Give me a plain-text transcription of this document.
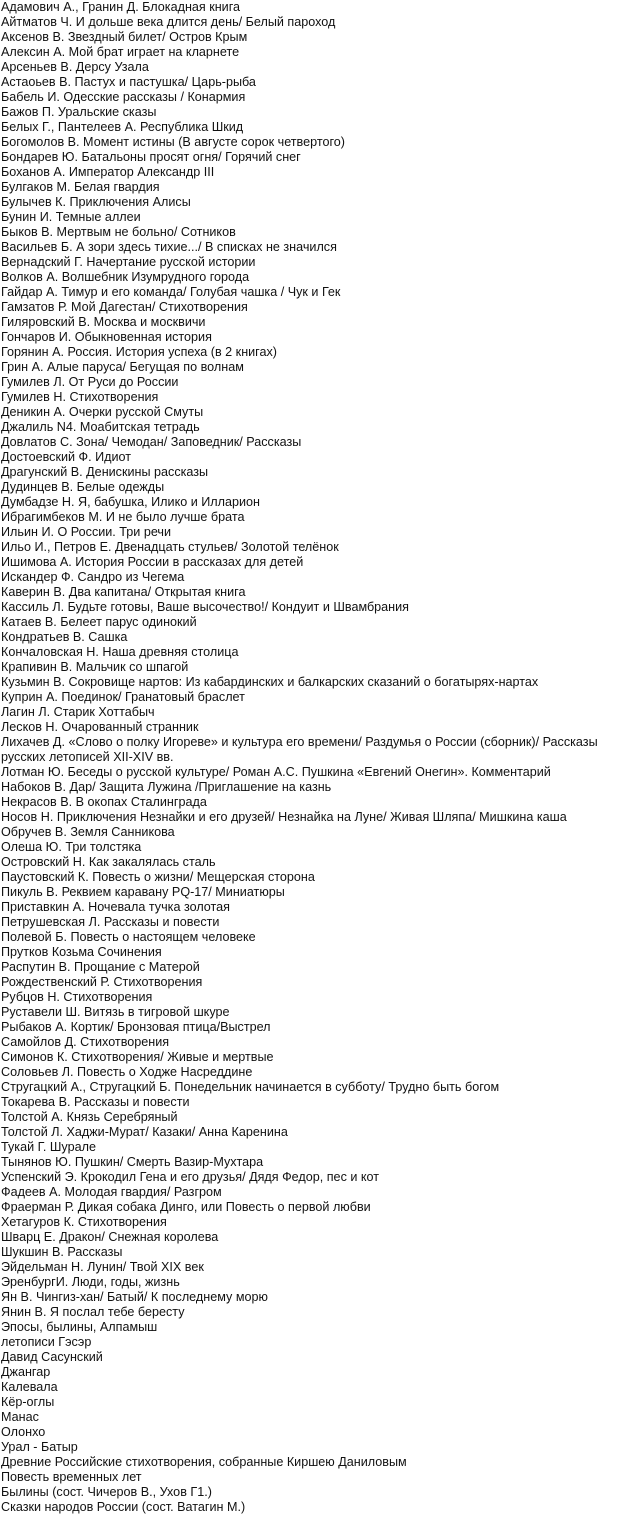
Адамович А., Гранин Д. Блокадная книга
Айтматов Ч. И дольше века длится день/ Белый пароход
Аксенов В. Звездный билет/ Остров Крым
Алексин А. Мой брат играет на кларнете
Арсеньев В. Дерсу Узала
Астаоьев В. Пастух и пастушка/ Царь-рыба
Бабель И. Одесские рассказы / Конармия
Бажов П. Уральские сказы
Белых Г., Пантелеев А. Республика Шкид
Богомолов В. Момент истины (В августе сорок четвертого)
Бондарев Ю. Батальоны просят огня/ Горячий снег
Боханов А. Император Александр III
Булгаков М. Белая гвардия
Булычев К. Приключения Алисы
Бунин И. Темные аллеи
Быков В. Мертвым не больно/ Сотников
Васильев Б. А зори здесь тихие.../ В списках не значился
Вернадский Г. Начертание русской истории
Волков А. Волшебник Изумрудного города
Гайдар А. Тимур и его команда/ Голубая чашка / Чук и Гек
Гамзатов Р. Мой Дагестан/ Стихотворения
Гиляровский В. Москва и москвичи
Гончаров И. Обыкновенная история
Горянин А. Россия. История успеха (в 2 книгах)
Грин А. Алые паруса/ Бегущая по волнам
Гумилев Л. От Руси до России
Гумилев Н. Стихотворения
Деникин А. Очерки русской Смуты
Джалиль N4. Моабитская тетрадь
Довлатов С. Зона/ Чемодан/ Заповедник/ Рассказы
Достоевский Ф. Идиот
Драгунский В. Денискины рассказы
Дудинцев В. Белые одежды
Думбадзе Н. Я, бабушка, Илико и Илларион
Ибрагимбеков М. И не было лучше брата
Ильин И. О России. Три речи
Ильо И., Петров Е. Двенадцать стульев/ Золотой телёнок
Ишимова А. История России в рассказах для детей
Искандер Ф. Сандро из Чегема
Каверин В. Два капитана/ Открытая книга
Кассиль Л. Будьте готовы, Ваше высочество!/ Кондуит и Швамбрания
Катаев В. Белеет парус одинокий
Кондратьев В. Сашка
Кончаловская Н. Наша древняя столица
Крапивин В. Мальчик со шпагой
Кузьмин В. Сокровище нартов: Из кабардинских и балкарских сказаний о богатырях-нартах
Куприн А. Поединок/ Гранатовый браслет
Лагин Л. Старик Хоттабыч
Лесков Н. Очарованный странник
Лихачев Д. «Слово о полку Игореве» и культура его времени/ Раздумья о России (сборник)/ Рассказы русских летописей XII-XIV вв.
Лотман Ю. Беседы о русской культуре/ Роман А.С. Пушкина «Евгений Онегин». Комментарий
Набоков В. Дар/ Защита Лужина /Приглашение на казнь
Некрасов В. В окопах Сталинграда
Носов Н. Приключения Незнайки и его друзей/ Незнайка на Луне/ Живая Шляпа/ Мишкина каша
Обручев В. Земля Санникова
Олеша Ю. Три толстяка
Островский Н. Как закалялась сталь
Паустовский К. Повесть о жизни/ Мещерская сторона
Пикуль В. Реквием каравану PQ-17/ Миниатюры
Приставкин А. Ночевала тучка золотая
Петрушевская Л. Рассказы и повести
Полевой Б. Повесть о настоящем человеке
Прутков Козьма Сочинения
Распутин В. Прощание с Матерой
Рождественский Р. Стихотворения
Рубцов Н. Стихотворения
Руставели Ш. Витязь в тигровой шкуре
Рыбаков А. Кортик/ Бронзовая птица/Выстрел
Самойлов Д. Стихотворения
Симонов К. Стихотворения/ Живые и мертвые
Соловьев Л. Повесть о Ходже Насреддине
Стругацкий А., Стругацкий Б. Понедельник начинается в субботу/ Трудно быть богом
Токарева В. Рассказы и повести
Толстой А. Князь Серебряный
Толстой Л. Хаджи-Мурат/ Казаки/ Анна Каренина
Тукай Г. Шурале
Тынянов Ю. Пушкин/ Смерть Вазир-Мухтара
Успенский Э. Крокодил Гена и его друзья/ Дядя Федор, пес и кот
Фадеев А. Молодая гвардия/ Разгром
Фраерман Р. Дикая собака Динго, или Повесть о первой любви
Хетагуров К. Стихотворения
Шварц Е. Дракон/ Снежная королева
Шукшин В. Рассказы
Эйдельман Н. Лунин/ Твой XIX век
ЭренбургИ. Люди, годы, жизнь
Ян В. Чингиз-хан/ Батый/ К последнему морю
Янин В. Я послал тебе бересту
Эпосы, былины, Алпамыш
летописи Гэсэр
Давид Сасунский
Джангар
Калевала
Кёр-оглы
Манас
Олонхо
Урал - Батыр
Древние Российские стихотворения, собранные Киршею Даниловым
Повесть временных лет
Былины (сост. Чичеров В., Ухов Г1.)
Сказки народов России (сост. Ватагин М.)
